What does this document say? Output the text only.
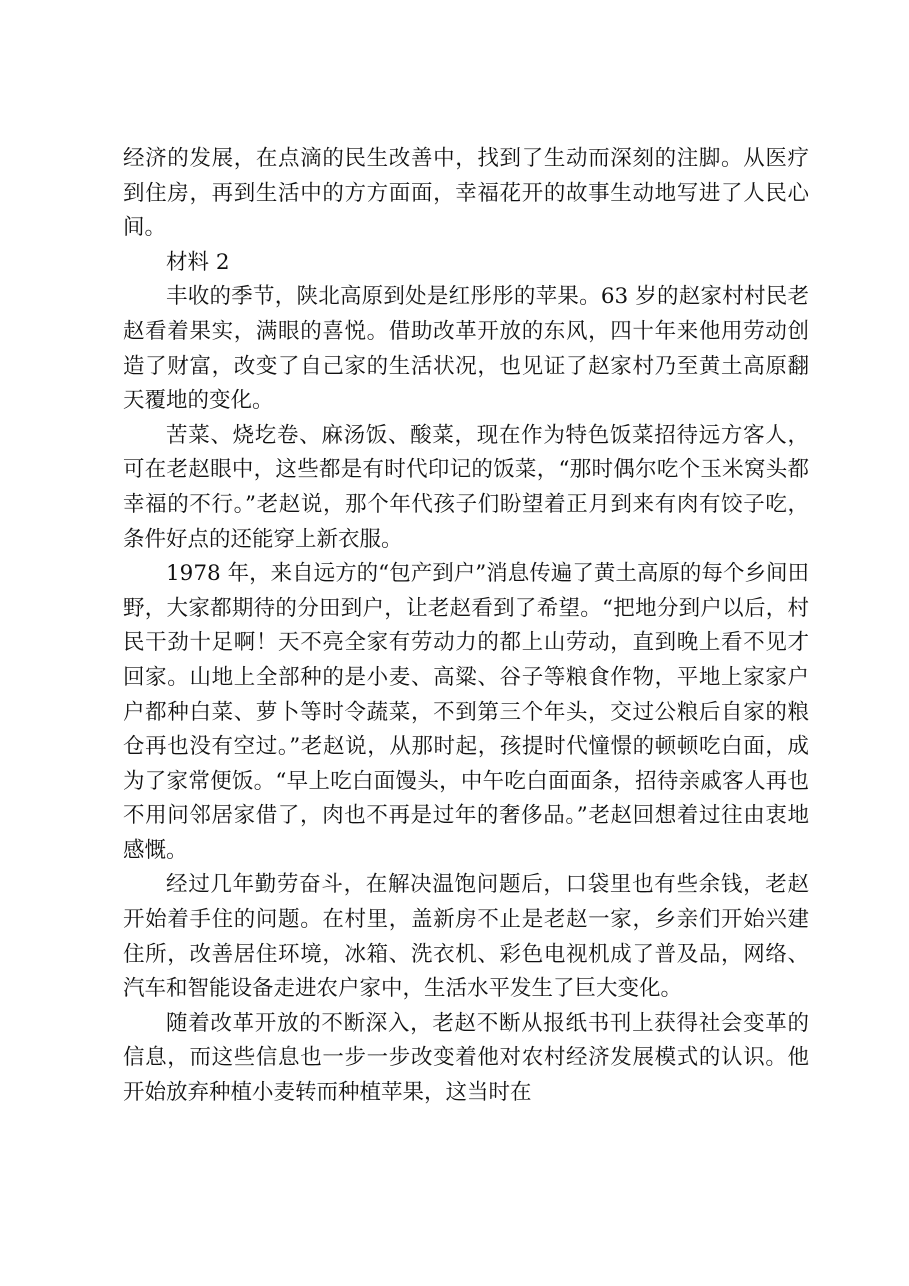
经济的发展，在点滴的民生改善中，找到了生动而深刻的注脚。从医疗到住房，再到生活中的方方面面，幸福花开的故事生动地写进了人民心间。

材料 2

丰收的季节，陕北高原到处是红彤彤的苹果。63 岁的赵家村村民老赵看着果实，满眼的喜悦。借助改革开放的东风，四十年来他用劳动创造了财富，改变了自己家的生活状况，也见证了赵家村乃至黄土高原翻天覆地的变化。

苦菜、烧圪卷、麻汤饭、酸菜，现在作为特色饭菜招待远方客人，可在老赵眼中，这些都是有时代印记的饭菜，“那时偶尔吃个玉米窝头都幸福的不行。”老赵说，那个年代孩子们盼望着正月到来有肉有饺子吃，条件好点的还能穿上新衣服。

1978 年，来自远方的“包产到户”消息传遍了黄土高原的每个乡间田野，大家都期待的分田到户，让老赵看到了希望。“把地分到户以后，村民干劲十足啊！天不亮全家有劳动力的都上山劳动，直到晚上看不见才回家。山地上全部种的是小麦、高粱、谷子等粮食作物，平地上家家户户都种白菜、萝卜等时令蔬菜，不到第三个年头，交过公粮后自家的粮仓再也没有空过。”老赵说，从那时起，孩提时代憧憬的顿顿吃白面，成为了家常便饭。“早上吃白面馒头，中午吃白面面条，招待亲戚客人再也不用问邻居家借了，肉也不再是过年的奢侈品。”老赵回想着过往由衷地感慨。

经过几年勤劳奋斗，在解决温饱问题后，口袋里也有些余钱，老赵开始着手住的问题。在村里，盖新房不止是老赵一家，乡亲们开始兴建住所，改善居住环境，冰箱、洗衣机、彩色电视机成了普及品，网络、汽车和智能设备走进农户家中，生活水平发生了巨大变化。

随着改革开放的不断深入，老赵不断从报纸书刊上获得社会变革的信息，而这些信息也一步一步改变着他对农村经济发展模式的认识。他开始放弃种植小麦转而种植苹果，这当时在
